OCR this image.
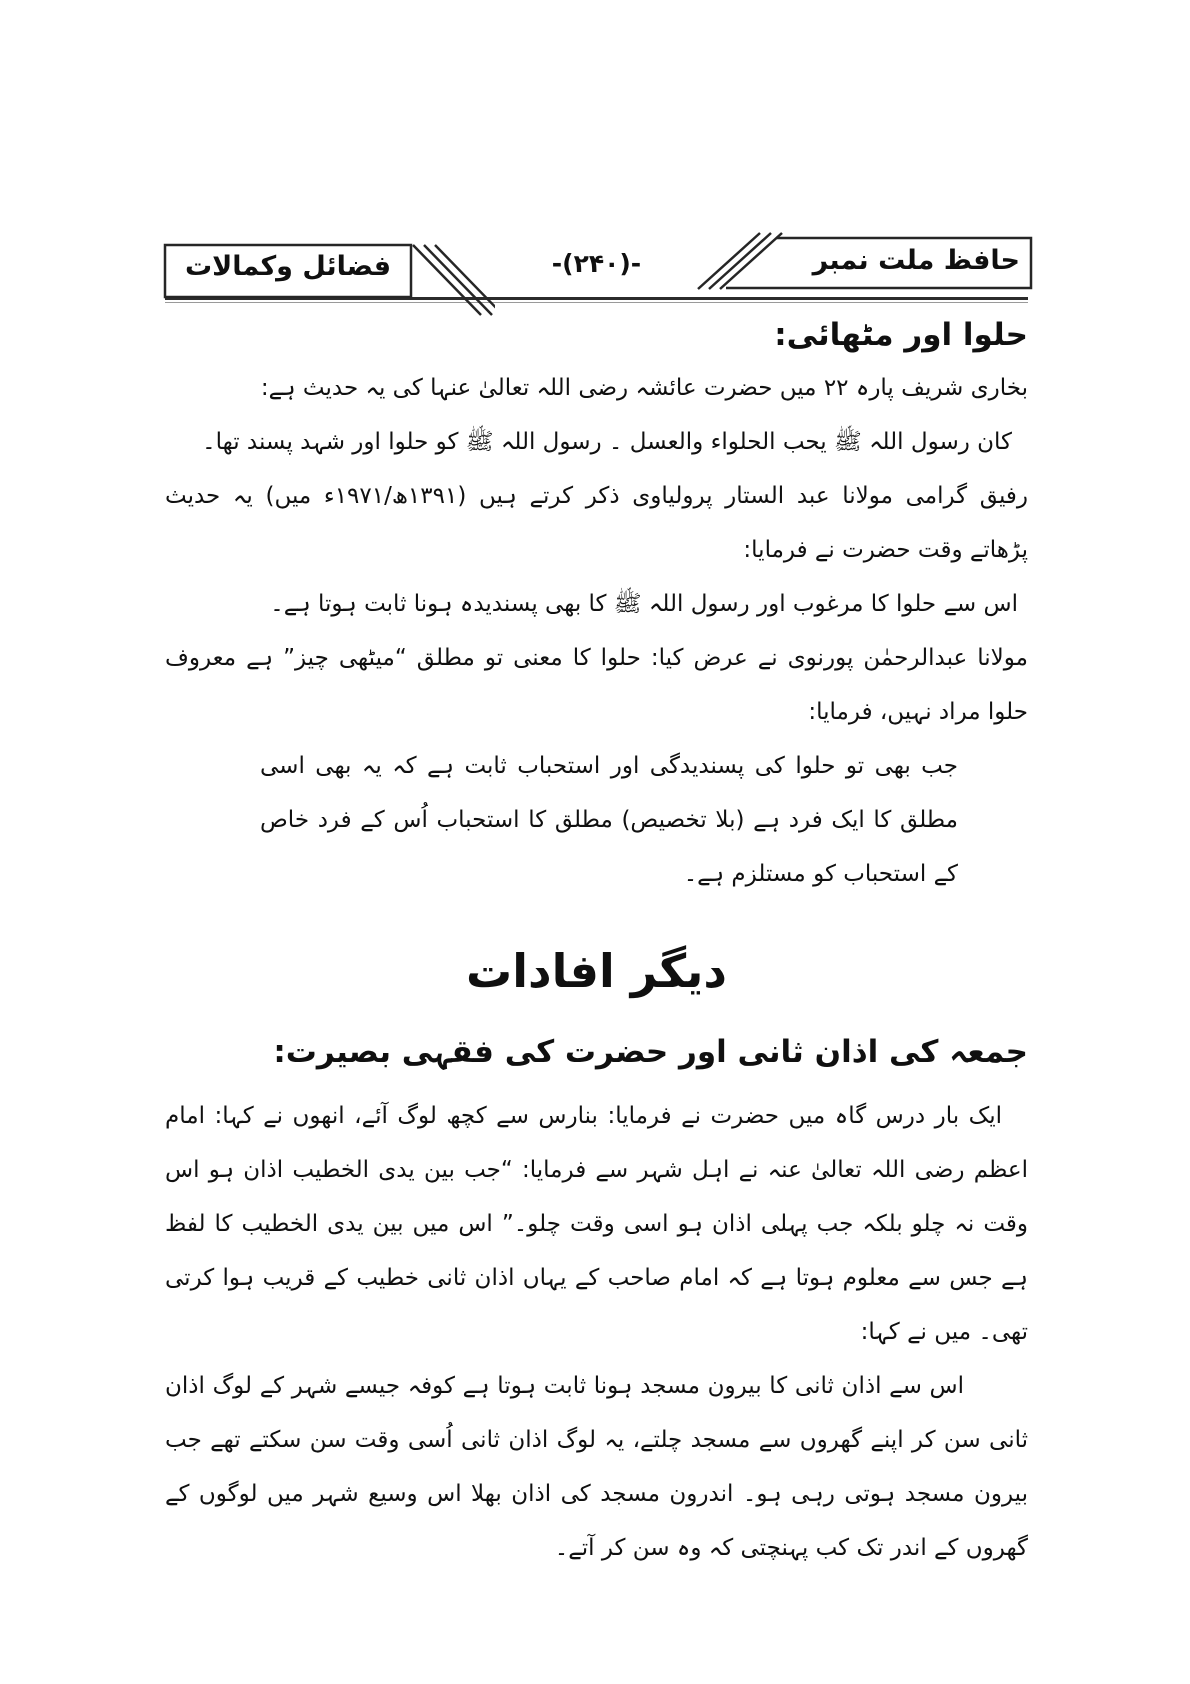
حافظ ملت نمبر
-(۲۴۰)-
فضائل وکمالات
حلوا اور مٹھائی:

بخاری شریف پارہ ۲۲ میں حضرت عائشہ رضی اللہ تعالیٰ عنہا کی یہ حدیث ہے:

کان رسول اللہ ﷺ یحب الحلواء والعسل ۔ رسول اللہ ﷺ کو حلوا اور شہد پسند تھا۔

رفیق گرامی مولانا عبد الستار پرولیاوی ذکر کرتے ہیں (۱۳۹۱ھ/۱۹۷۱ء میں) یہ حدیث پڑھاتے وقت حضرت نے فرمایا:

اس سے حلوا کا مرغوب اور رسول اللہ ﷺ کا بھی پسندیدہ ہونا ثابت ہوتا ہے۔

مولانا عبدالرحمٰن پورنوی نے عرض کیا: حلوا کا معنی تو مطلق “میٹھی چیز” ہے معروف حلوا مراد نہیں، فرمایا:

جب بھی تو حلوا کی پسندیدگی اور استحباب ثابت ہے کہ یہ بھی اسی مطلق کا ایک فرد ہے (بلا تخصیص) مطلق کا استحباب اُس کے فرد خاص کے استحباب کو مستلزم ہے۔

دیگر افادات
جمعہ کی اذان ثانی اور حضرت کی فقہی بصیرت:

ایک بار درس گاہ میں حضرت نے فرمایا: بنارس سے کچھ لوگ آئے، انھوں نے کہا: امام اعظم رضی اللہ تعالیٰ عنہ نے اہل شہر سے فرمایا: “جب بین یدی الخطیب اذان ہو اس وقت نہ چلو بلکہ جب پہلی اذان ہو اسی وقت چلو۔” اس میں بین یدی الخطیب کا لفظ ہے جس سے معلوم ہوتا ہے کہ امام صاحب کے یہاں اذان ثانی خطیب کے قریب ہوا کرتی تھی۔ میں نے کہا:

اس سے اذان ثانی کا بیرون مسجد ہونا ثابت ہوتا ہے کوفہ جیسے شہر کے لوگ اذان ثانی سن کر اپنے گھروں سے مسجد چلتے، یہ لوگ اذان ثانی اُسی وقت سن سکتے تھے جب بیرون مسجد ہوتی رہی ہو۔ اندرون مسجد کی اذان بھلا اس وسیع شہر میں لوگوں کے گھروں کے اندر تک کب پہنچتی کہ وہ سن کر آتے۔
